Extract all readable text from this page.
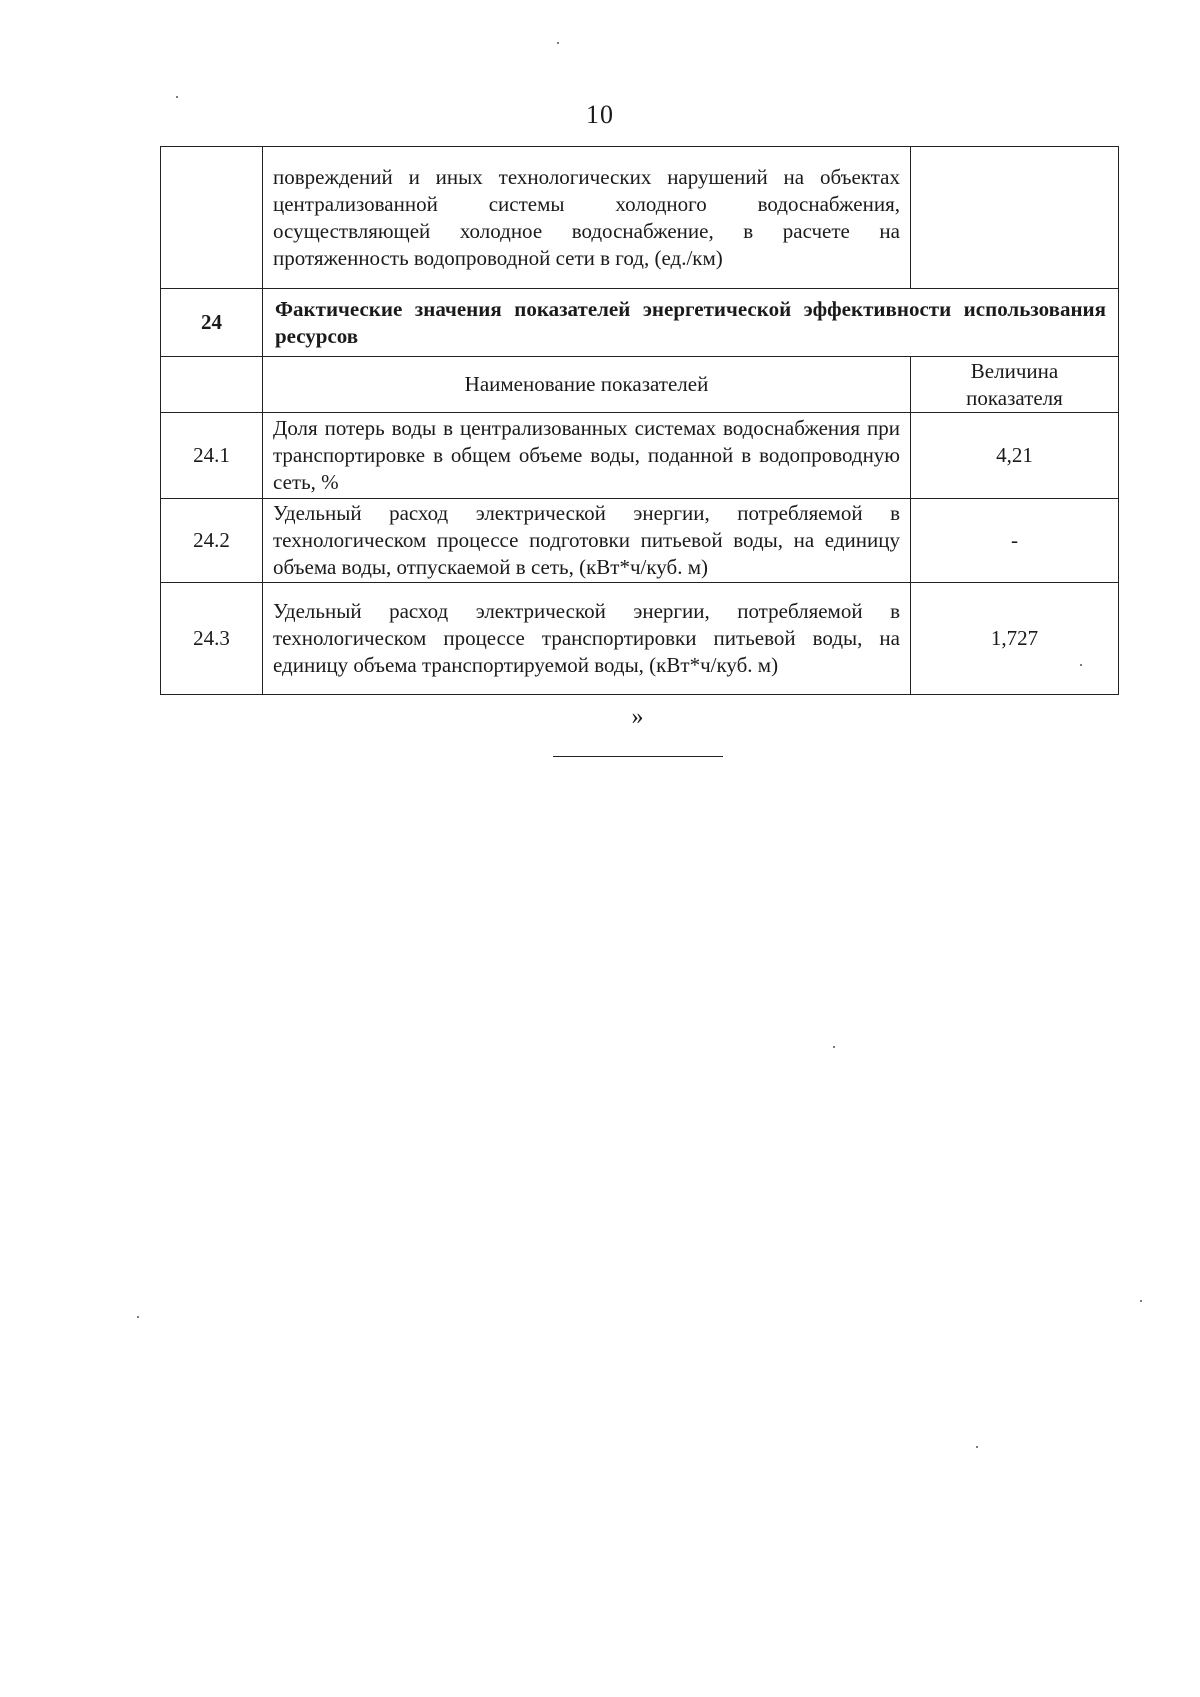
10
	повреждений и иных технологических нарушений на объектах централизованной системы холодного водоснабжения, осуществляющей холодное водоснабжение, в расчете на протяженность водопроводной сети в год, (ед./км)	
24	Фактические значения показателей энергетической эффективности использования ресурсов	
	Наименование показателей	Величина показателя
24.1	Доля потерь воды в централизованных системах водоснабжения при транспортировке в общем объеме воды, поданной в водопроводную сеть, %	4,21
24.2	Удельный расход электрической энергии, потребляемой в технологическом процессе подготовки питьевой воды, на единицу объема воды, отпускаемой в сеть, (кВт*ч/куб. м)	-
24.3	Удельный расход электрической энергии, потребляемой в технологическом процессе транспортировки питьевой воды, на единицу объема транспортируемой воды, (кВт*ч/куб. м)	1,727
»
